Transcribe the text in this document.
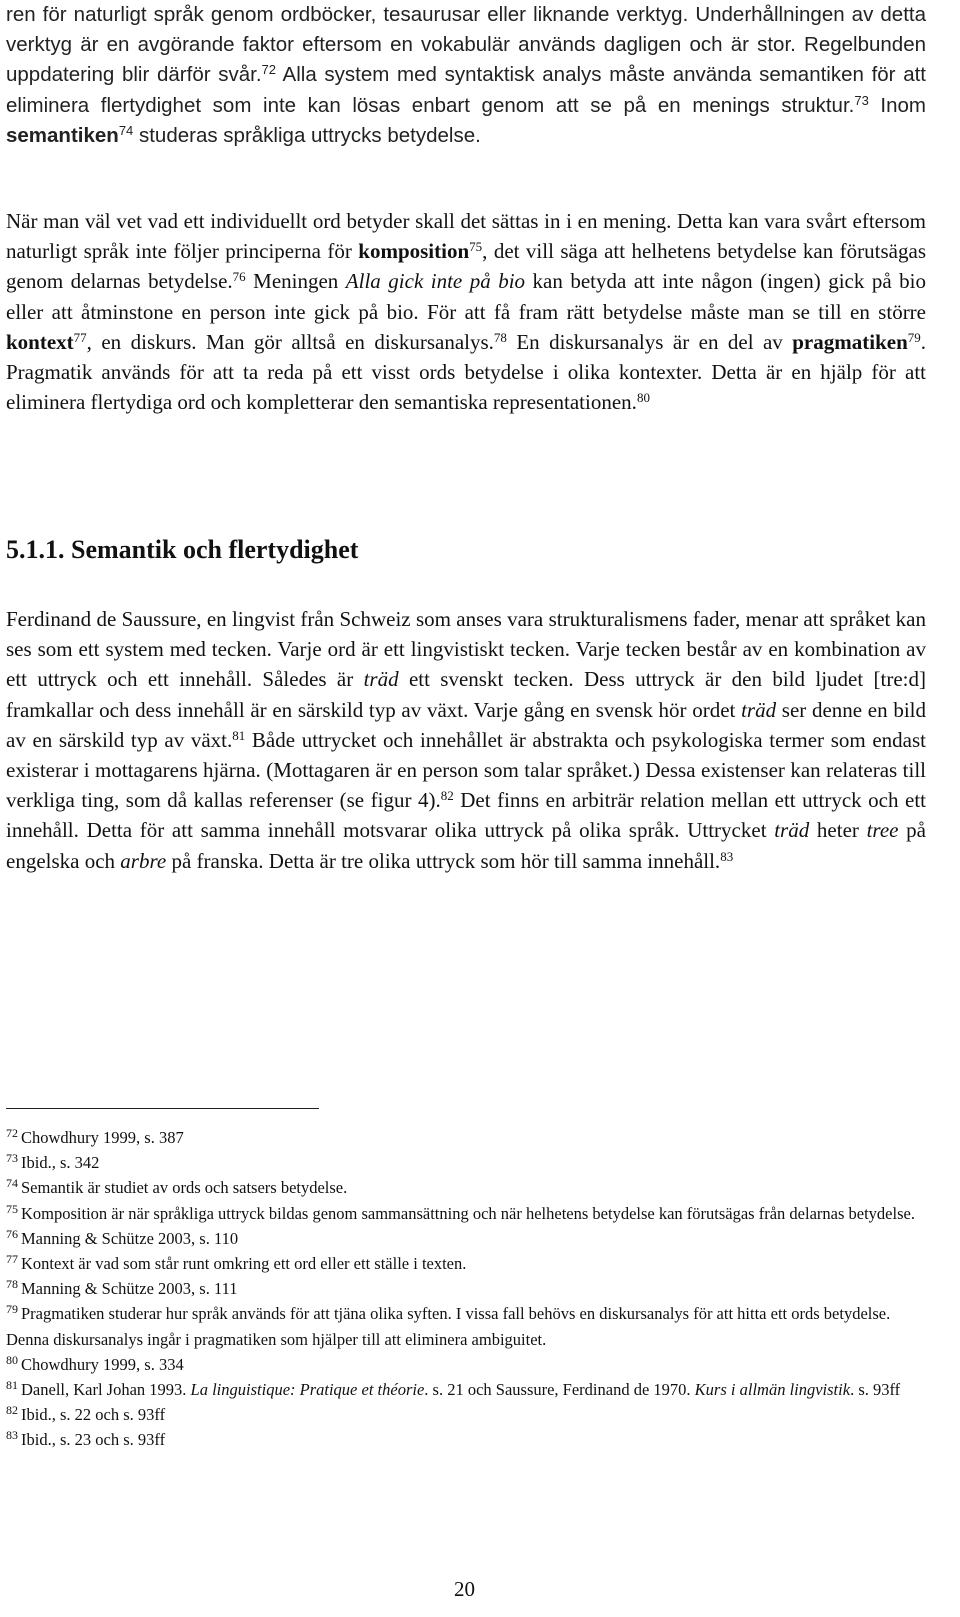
ren för naturligt språk genom ordböcker, tesaurusar eller liknande verktyg. Underhållningen av detta verktyg är en avgörande faktor eftersom en vokabulär används dagligen och är stor. Regelbunden uppdatering blir därför svår.$^{72}$ Alla system med syntaktisk analys måste använda semantiken för att eliminera flertydighet som inte kan lösas enbart genom att se på en menings struktur.$^{73}$ Inom semantiken$^{74}$ studeras språkliga uttrycks betydelse.

När man väl vet vad ett individuellt ord betyder skall det sättas in i en mening. Detta kan vara svårt eftersom naturligt språk inte följer principerna för komposition$^{75}$, det vill säga att helhetens betydelse kan förutsägas genom delarnas betydelse.$^{76}$ Meningen Alla gick inte på bio kan betyda att inte någon (ingen) gick på bio eller att åtminstone en person inte gick på bio. För att få fram rätt betydelse måste man se till en större kontext$^{77}$, en diskurs. Man gör alltså en diskursanalys.$^{78}$ En diskursanalys är en del av pragmatiken$^{79}$. Pragmatik används för att ta reda på ett visst ords betydelse i olika kontexter. Detta är en hjälp för att eliminera flertydiga ord och kompletterar den semantiska representationen.$^{80}$

5.1.1. Semantik och flertydighet

Ferdinand de Saussure, en lingvist från Schweiz som anses vara strukturalismens fader, menar att språket kan ses som ett system med tecken. Varje ord är ett lingvistiskt tecken. Varje tecken består av en kombination av ett uttryck och ett innehåll. Således är träd ett svenskt tecken. Dess uttryck är den bild ljudet [tre:d] framkallar och dess innehåll är en särskild typ av växt. Varje gång en svensk hör ordet träd ser denne en bild av en särskild typ av växt.$^{81}$ Både uttrycket och innehållet är abstrakta och psykologiska termer som endast existerar i mottagarens hjärna. (Mottagaren är en person som talar språket.) Dessa existenser kan relateras till verkliga ting, som då kallas referenser (se figur 4).$^{82}$ Det finns en arbiträr relation mellan ett uttryck och ett innehåll. Detta för att samma innehåll motsvarar olika uttryck på olika språk. Uttrycket träd heter tree på engelska och arbre på franska. Detta är tre olika uttryck som hör till samma innehåll.$^{83}$

$^{72}$ Chowdhury 1999, s. 387
$^{73}$ Ibid., s. 342
$^{74}$ Semantik är studiet av ords och satsers betydelse.
$^{75}$ Komposition är när språkliga uttryck bildas genom sammansättning och när helhetens betydelse kan förutsägas från delarnas betydelse.
$^{76}$ Manning & Schütze 2003, s. 110
$^{77}$ Kontext är vad som står runt omkring ett ord eller ett ställe i texten.
$^{78}$ Manning & Schütze 2003, s. 111
$^{79}$ Pragmatiken studerar hur språk används för att tjäna olika syften. I vissa fall behövs en diskursanalys för att hitta ett ords betydelse. Denna diskursanalys ingår i pragmatiken som hjälper till att eliminera ambiguitet.
$^{80}$ Chowdhury 1999, s. 334
$^{81}$ Danell, Karl Johan 1993. La linguistique: Pratique et théorie. s. 21 och Saussure, Ferdinand de 1970. Kurs i allmän lingvistik. s. 93ff
$^{82}$ Ibid., s. 22 och s. 93ff
$^{83}$ Ibid., s. 23 och s. 93ff
20
